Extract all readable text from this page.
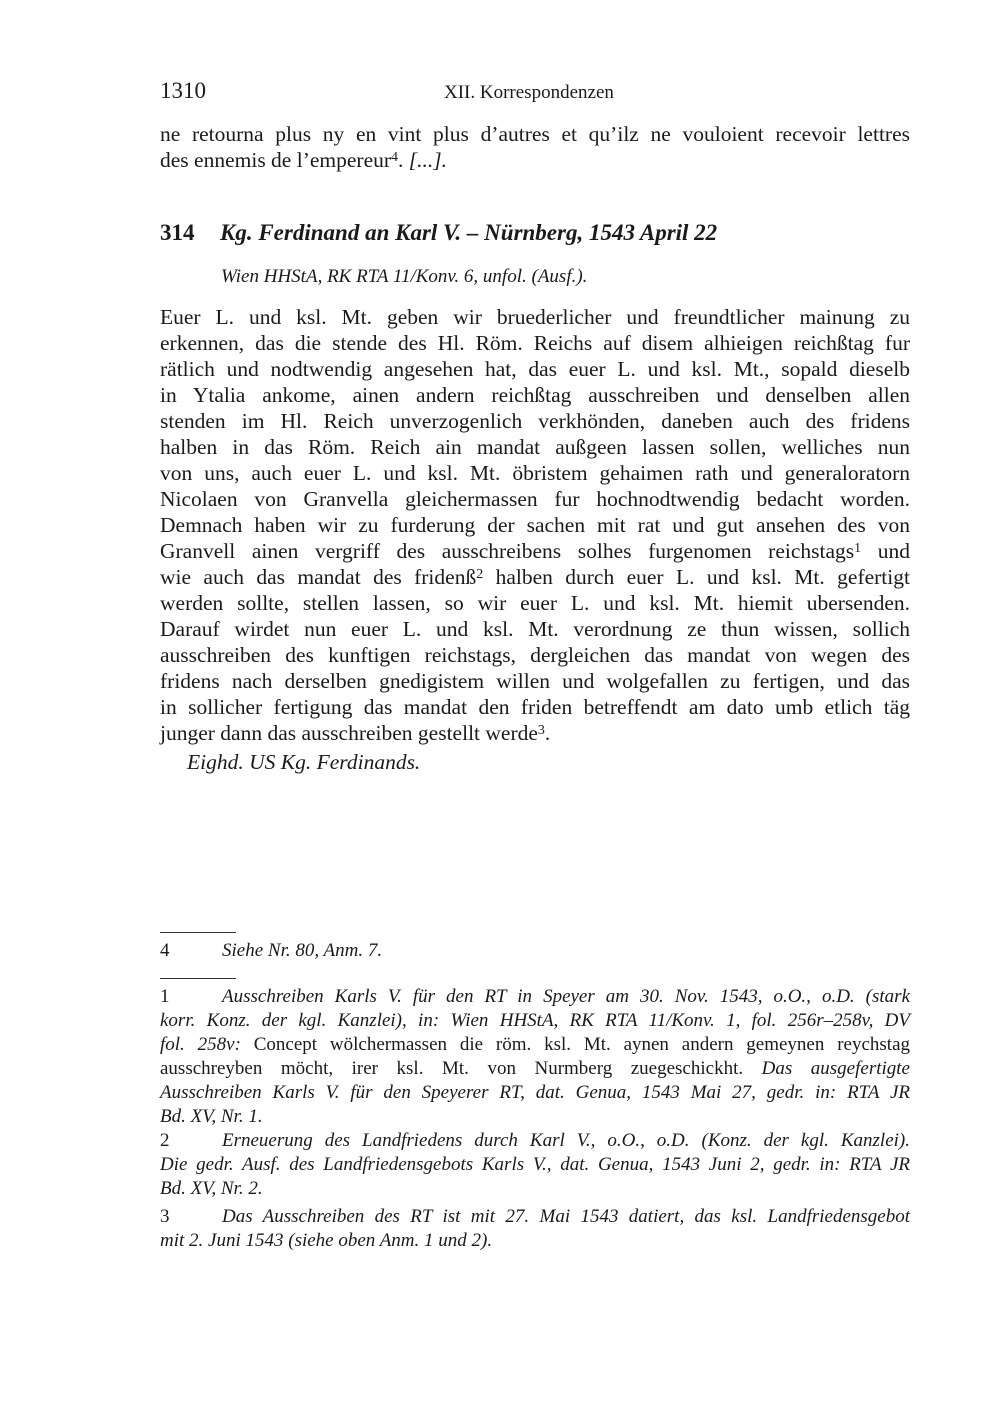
1310	XII. Korrespondenzen
ne retourna plus ny en vint plus d’autres et qu’ilz ne vouloient recevoir lettres
des ennemis de l’empereur$^4$. [...].
314 Kg. Ferdinand an Karl V. – Nürnberg, 1543 April 22
Wien HHStA, RK RTA 11/Konv. 6, unfol. (Ausf.).
Euer L. und ksl. Mt. geben wir bruederlicher und freundtlicher mainung zu
erkennen, das die stende des Hl. Röm. Reichs auf disem alhieigen reichßtag fur
rätlich und nodtwendig angesehen hat, das euer L. und ksl. Mt., sopald dieselb
in Ytalia ankome, ainen andern reichßtag ausschreiben und denselben allen
stenden im Hl. Reich unverzogenlich verkhönden, daneben auch des fridens
halben in das Röm. Reich ain mandat außgeen lassen sollen, welliches nun
von uns, auch euer L. und ksl. Mt. öbristem gehaimen rath und generaloratorn
Nicolaen von Granvella gleichermassen fur hochnodtwendig bedacht worden.
Demnach haben wir zu furderung der sachen mit rat und gut ansehen des von
Granvell ainen vergriff des ausschreibens solhes furgenomen reichstags$^1$ und
wie auch das mandat des fridenß$^2$ halben durch euer L. und ksl. Mt. gefertigt
werden sollte, stellen lassen, so wir euer L. und ksl. Mt. hiemit ubersenden.
Darauf wirdet nun euer L. und ksl. Mt. verordnung ze thun wissen, sollich
ausschreiben des kunftigen reichstags, dergleichen das mandat von wegen des
fridens nach derselben gnedigistem willen und wolgefallen zu fertigen, und das
in sollicher fertigung das mandat den friden betreffendt am dato umb etlich täg
junger dann das ausschreiben gestellt werde$^3$.
Eighd. US Kg. Ferdinands.
4	Siehe Nr. 80, Anm. 7.
1	Ausschreiben Karls V. für den RT in Speyer am 30. Nov. 1543, o.O., o.D. (stark
korr. Konz. der kgl. Kanzlei), in: Wien HHStA, RK RTA 11/Konv. 1, fol. 256r–258v, DV
fol. 258v: Concept wölchermassen die röm. ksl. Mt. aynen andern gemeynen reychstag
ausschreyben möcht, irer ksl. Mt. von Nurmberg zuegeschickht. Das ausgefertigte
Ausschreiben Karls V. für den Speyerer RT, dat. Genua, 1543 Mai 27, gedr. in: RTA JR
Bd. XV, Nr. 1.
2	Erneuerung des Landfriedens durch Karl V., o.O., o.D. (Konz. der kgl. Kanzlei).
Die gedr. Ausf. des Landfriedensgebots Karls V., dat. Genua, 1543 Juni 2, gedr. in: RTA JR
Bd. XV, Nr. 2.
3	Das Ausschreiben des RT ist mit 27. Mai 1543 datiert, das ksl. Landfriedensgebot
mit 2. Juni 1543 (siehe oben Anm. 1 und 2).
